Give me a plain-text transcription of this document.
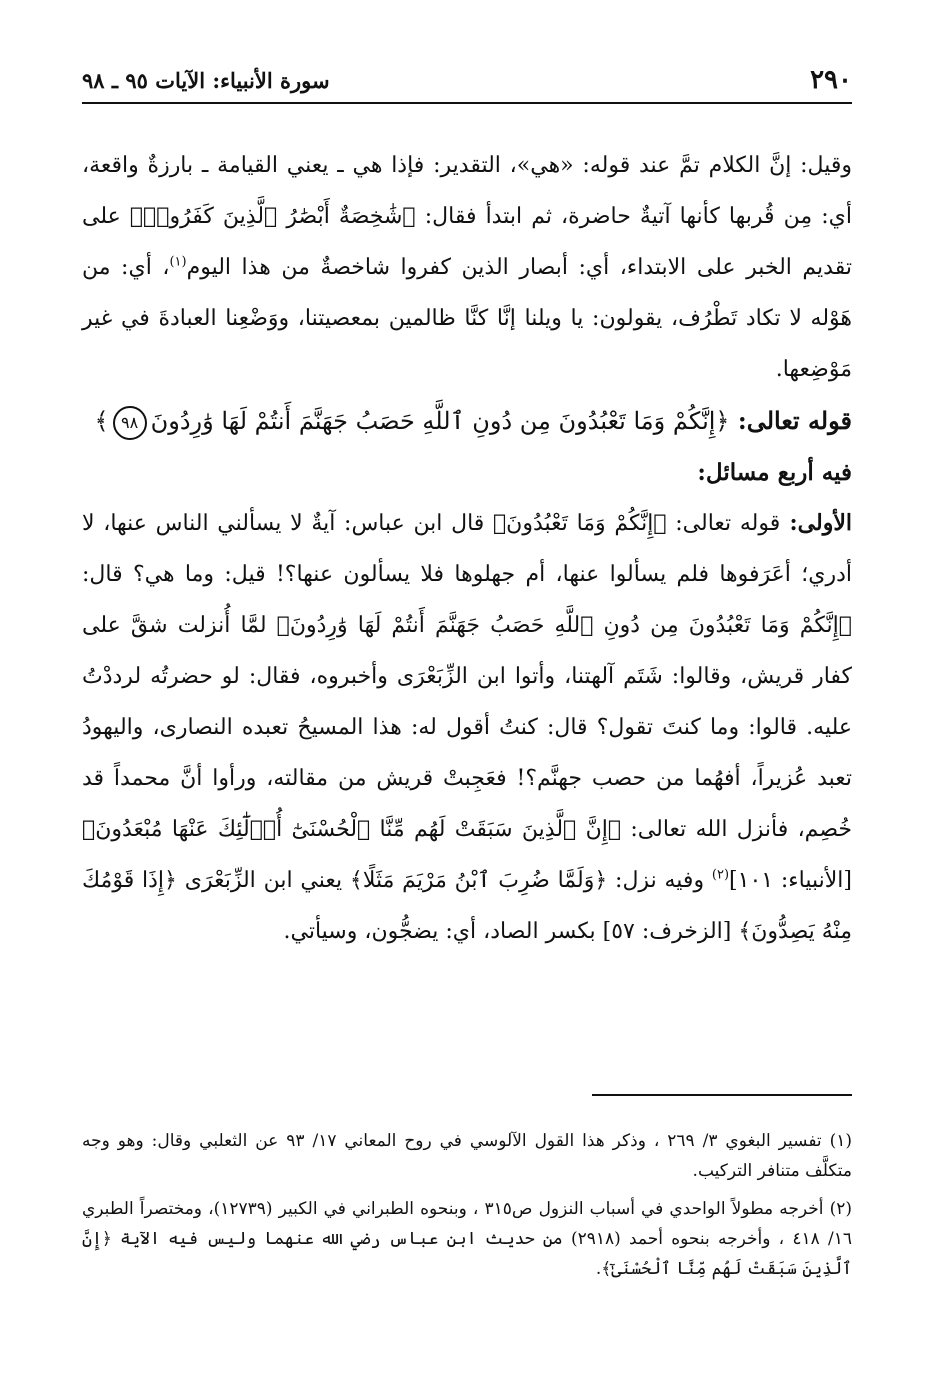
٢٩٠
سورة الأنبياء: الآيات ٩٥ ـ ٩٨

وقيل: إنَّ الكلام تمَّ عند قوله: «هي»، التقدير: فإذا هي ـ يعني القيامة ـ بارزةٌ واقعة، أي: مِن قُربها كأنها آتيةٌ حاضرة، ثم ابتدأ فقال: ﴿شَٰخِصَةٌ أَبْصَٰرُ ٱلَّذِينَ كَفَرُوا۟﴾ على تقديم الخبر على الابتداء، أي: أبصار الذين كفروا شاخصةٌ من هذا اليوم$^{(١)}$، أي: من هَوْله لا تكاد تَطْرُف، يقولون: يا ويلنا إنَّا كنَّا ظالمين بمعصيتنا، ووَضْعِنا العبادةَ في غير مَوْضِعها.

قوله تعالى: ﴿إِنَّكُمْ وَمَا تَعْبُدُونَ مِن دُونِ ٱللَّهِ حَصَبُ جَهَنَّمَ أَنتُمْ لَهَا وَٰرِدُونَ٩٨﴾

فيه أربع مسائل:

الأولى: قوله تعالى: ﴿إِنَّكُمْ وَمَا تَعْبُدُونَ﴾ قال ابن عباس: آيةٌ لا يسألني الناس عنها، لا أدري؛ أعَرَفوها فلم يسألوا عنها، أم جهلوها فلا يسألون عنها؟! قيل: وما هي؟ قال: ﴿إِنَّكُمْ وَمَا تَعْبُدُونَ مِن دُونِ ٱللَّهِ حَصَبُ جَهَنَّمَ أَنتُمْ لَهَا وَٰرِدُونَ﴾ لمَّا أُنزلت شقَّ على كفار قريش، وقالوا: شَتَم آلهتنا، وأتوا ابن الزِّبَعْرَى وأخبروه، فقال: لو حضرتُه لرددْتُ عليه. قالوا: وما كنتَ تقول؟ قال: كنتُ أقول له: هذا المسيحُ تعبده النصارى، واليهودُ تعبد عُزيراً، أفهُما من حصب جهنَّم؟! فعَجِبتْ قريش من مقالته، ورأوا أنَّ محمداً قد خُصِم، فأنزل الله تعالى: ﴿إِنَّ ٱلَّذِينَ سَبَقَتْ لَهُم مِّنَّا ٱلْحُسْنَىٰٓ أُو۟لَٰٓئِكَ عَنْهَا مُبْعَدُونَ﴾ [الأنبياء: ١٠١]$^{(٢)}$ وفيه نزل: ﴿وَلَمَّا ضُرِبَ ٱبْنُ مَرْيَمَ مَثَلًا﴾ يعني ابن الزِّبَعْرَى ﴿إِذَا قَوْمُكَ مِنْهُ يَصِدُّونَ﴾ [الزخرف: ٥٧] بكسر الصاد، أي: يضجُّون، وسيأتي.

(١) تفسير البغوي ٣/ ٢٦٩ ، وذكر هذا القول الآلوسي في روح المعاني ١٧/ ٩٣ عن الثعلبي وقال: وهو وجه متكلَّف متنافر التركيب.

(٢) أخرجه مطولاً الواحدي في أسباب النزول ص٣١٥ ، وبنحوه الطبراني في الكبير (١٢٧٣٩)، ومختصراً الطبري ١٦/ ٤١٨ ، وأخرجه بنحوه أحمد (٢٩١٨) من حديث ابن عباس رضي الله عنهما وليس فيه الآية ﴿إِنَّ ٱلَّذِينَ سَبَقَتْ لَهُم مِّنَّا ٱلْحُسْنَىٰٓ﴾.
